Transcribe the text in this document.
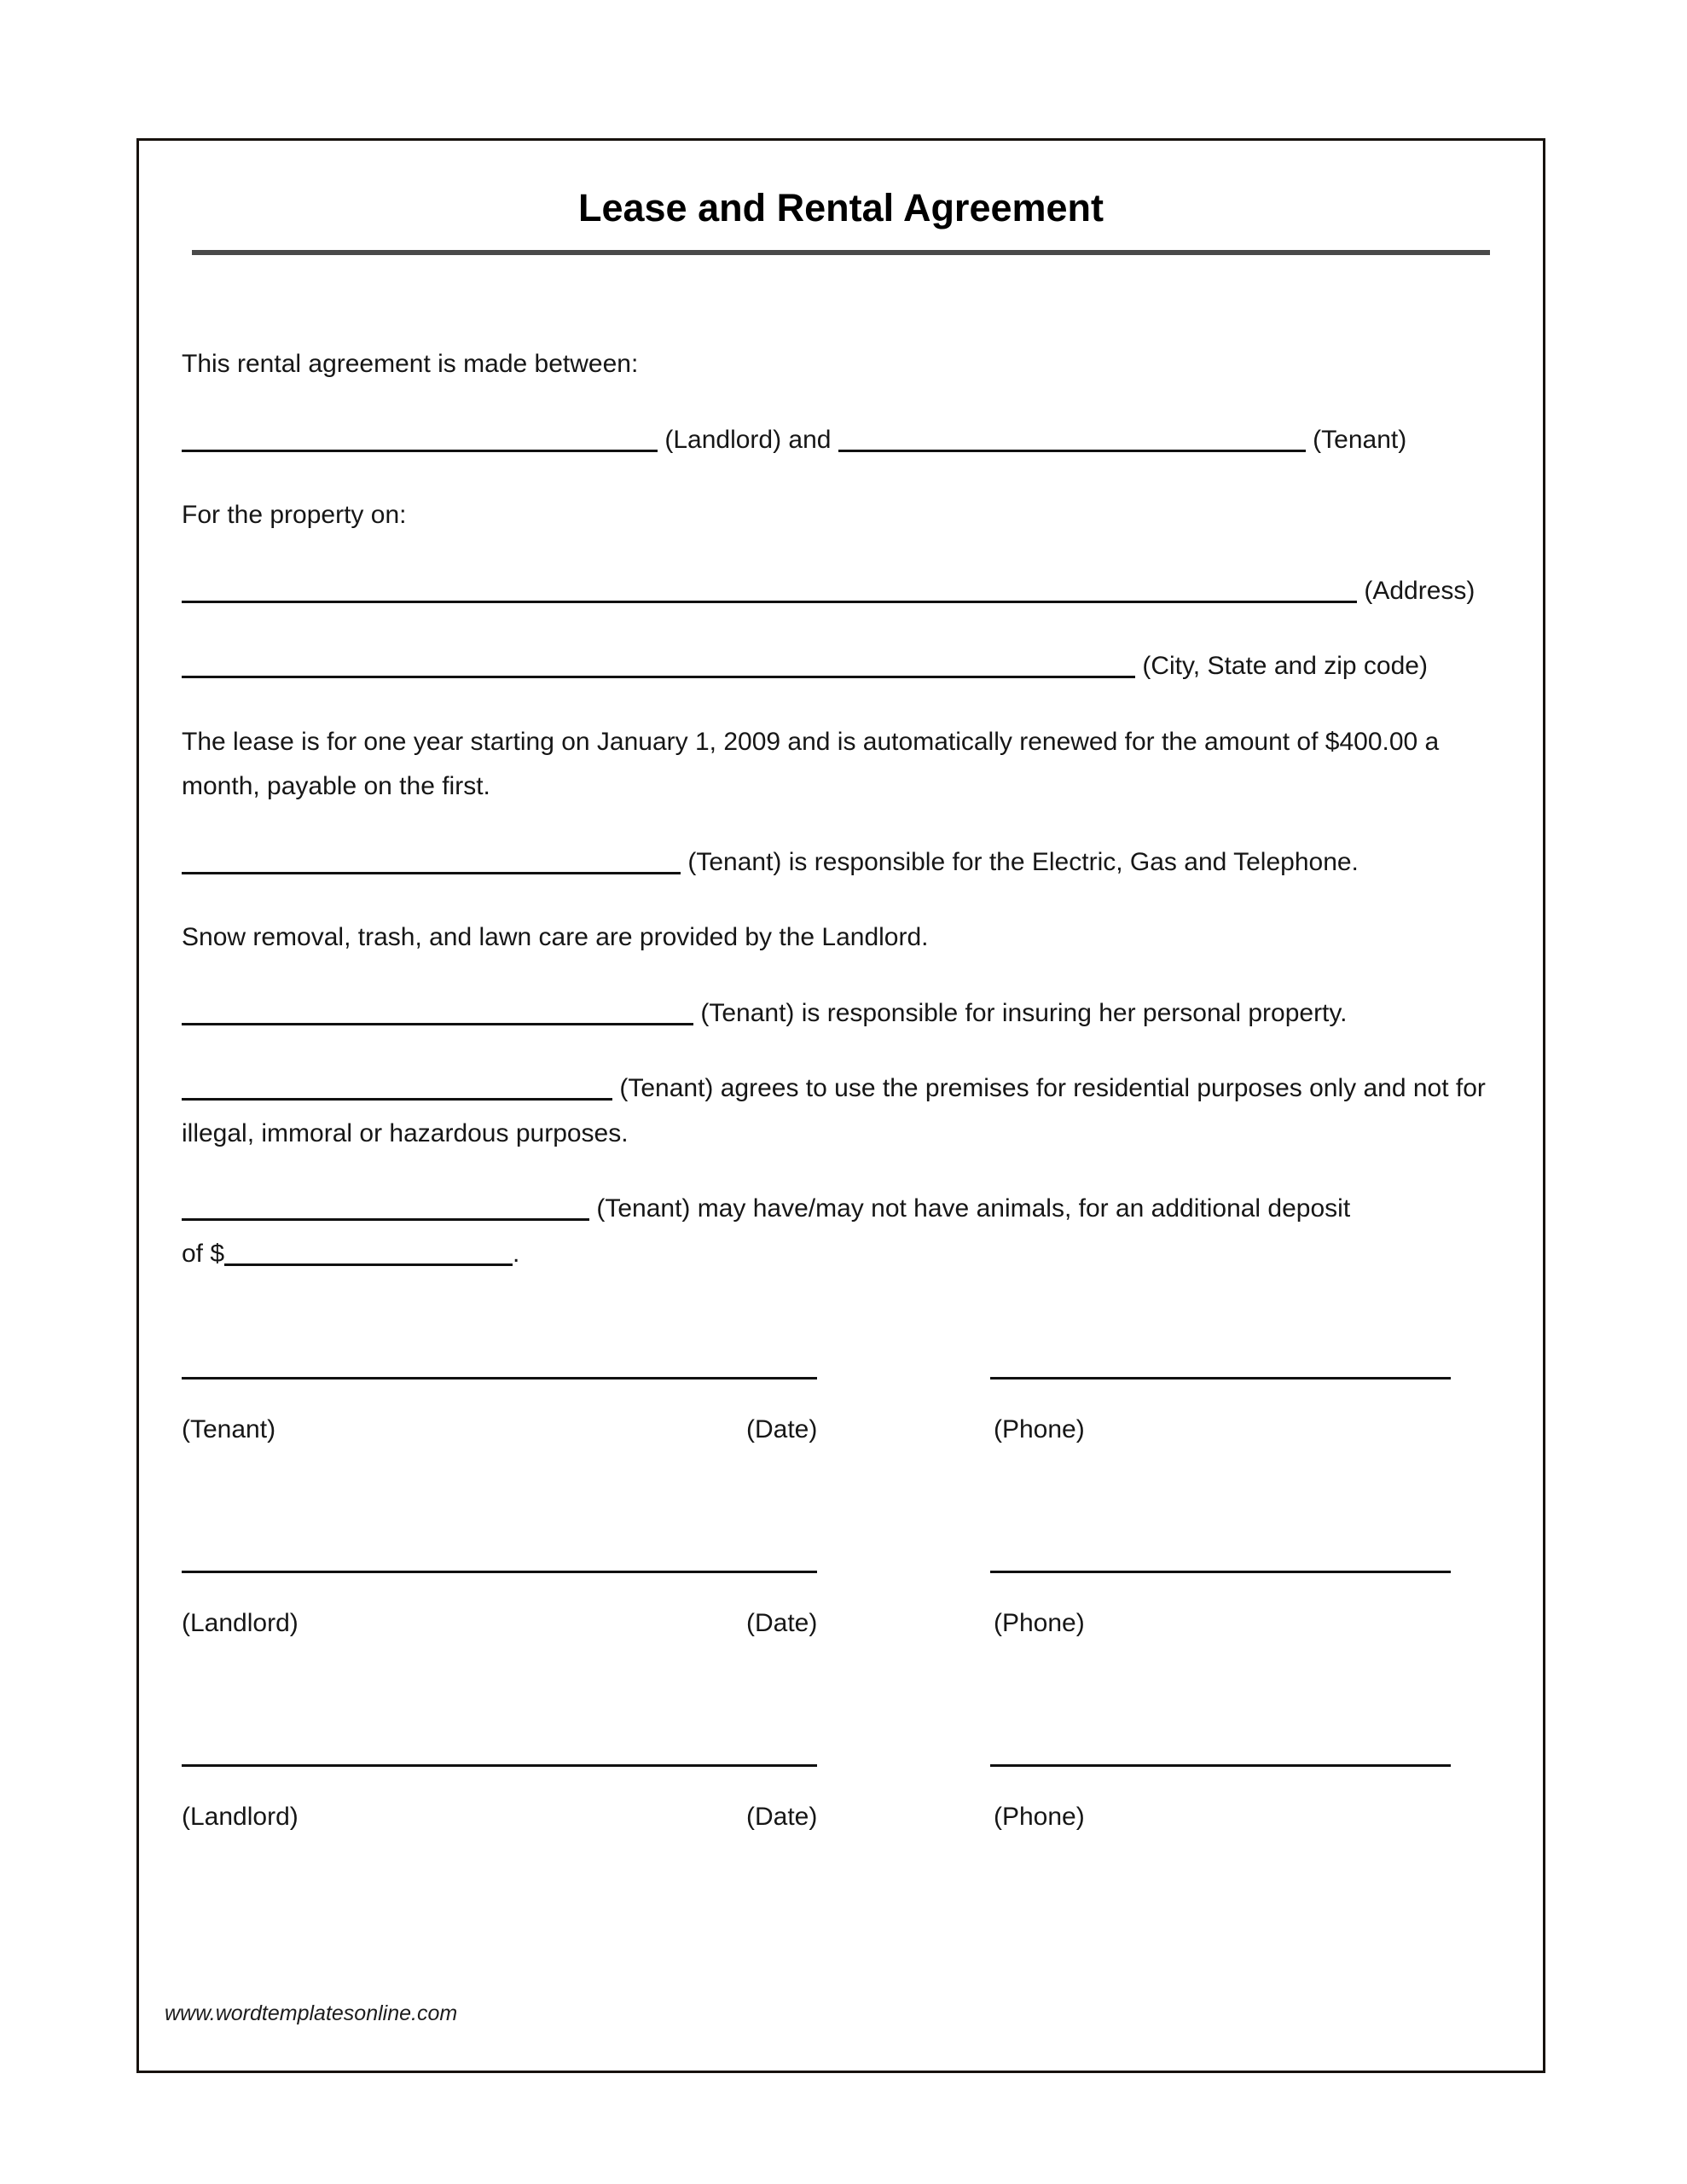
Lease and Rental Agreement

This rental agreement is made between:

(Landlord) and	(Tenant)

For the property on:

(Address)

(City, State and zip code)

The lease is for one year starting on January 1, 2009 and is automatically renewed for the amount of $400.00 a month, payable on the first.

(Tenant) is responsible for the Electric, Gas and Telephone.

Snow removal, trash, and lawn care are provided by the Landlord.

(Tenant) is responsible for insuring her personal property.

(Tenant) agrees to use the premises for residential purposes only and not for illegal, immoral or hazardous purposes.

(Tenant) may have/may not have animals, for an additional deposit
of $	.

(Tenant)	(Date)	(Phone)
(Landlord)	(Date)	(Phone)
(Landlord)	(Date)	(Phone)
www.wordtemplatesonline.com
